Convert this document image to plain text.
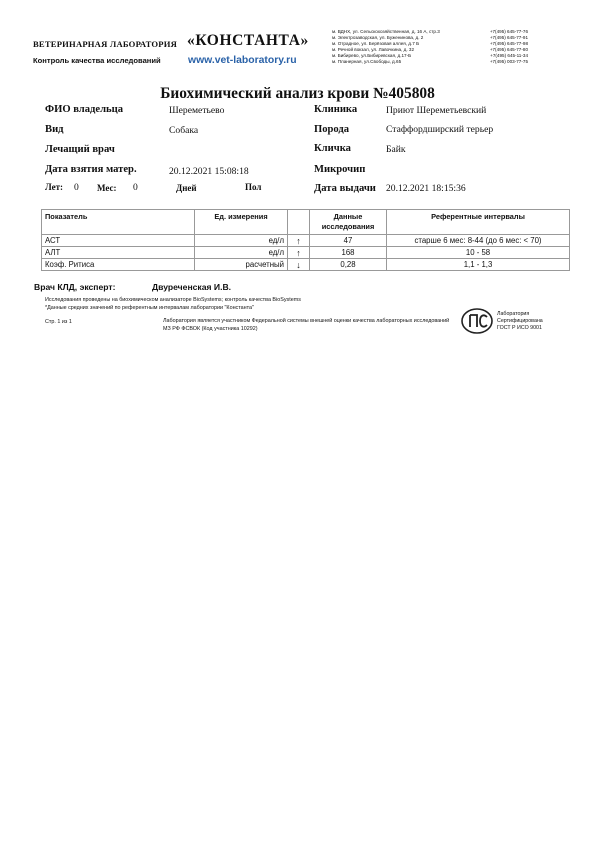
ВЕТЕРИНАРНАЯ ЛАБОРАТОРИЯ «КОНСТАНТА»
Контроль качества исследований	www.vet-laboratory.ru
м. ВДНХ, ул. Сельскохозяйственная, д. 16 А, стр.3	+7(495) 645-77-76
м. Электрозаводская, ул. Буженинова, д. 2	+7(495) 645-77-91
м. Отрадное, ул. Берёзовая аллея, д.7 Б	+7(495) 645-77-98
м. Речной вокзал, ул. Лавочкина, д. 32	+7(495) 645-77-80
м. Бибирево, ул.Бибиревская, д.17-Б	+7(495) 645-11-34
м. Планерная, ул.Свободы, д.65	+7(495) 003-77-75
Биохимический анализ крови №405808
ФИО владельца	Шереметьево	Клиника	Приют Шереметьевский
Вид	Собака	Порода	Стаффордширский терьер
Лечащий врач	Кличка	Байк
Дата взятия матер.	20.12.2021 15:08:18	Микрочип
Лет: 0 Мес: 0	Дней	Пол	Дата выдачи 20.12.2021 18:15:36
Показатель	Ед. измерения		Данные исследования	Референтные интервалы
АСТ	ед/л	↑	47	старше 6 мес: 8-44 (до 6 мес: < 70)
АЛТ	ед/л	↑	168	10 - 58
Коэф. Ритиса	расчетный	↓	0,28	1,1 - 1,3
Врач КЛД, эксперт:	Двуреченская И.В.
Исследования проведены на биохимическом анализаторе BioSystems; контроль качества BioSystems
*Данные средних значений по референтным интервалам лаборатории "Константа"
Стр. 1 из 1	Лаборатория является участником Федеральной системы внешней оценки качества лабораторных исследований МЗ РФ ФСВОК (Код участника 10292)
Лаборатория
Сертифицирована
ГОСТ Р ИСО 9001
